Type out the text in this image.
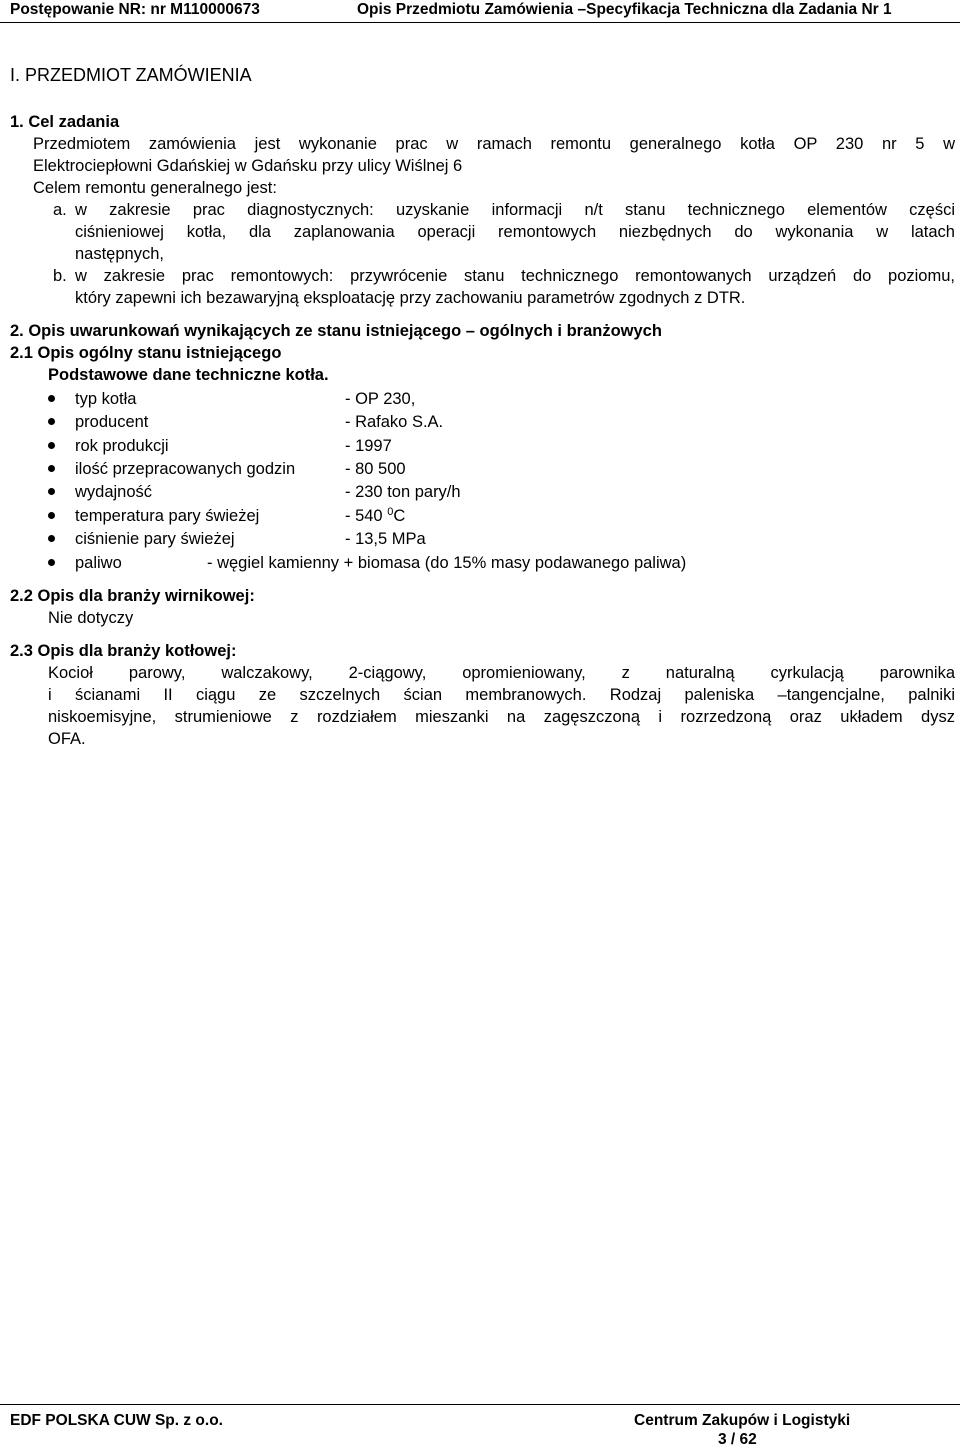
Postępowanie NR: nr M110000673	Opis Przedmiotu Zamówienia –Specyfikacja Techniczna dla Zadania Nr 1
I. PRZEDMIOT ZAMÓWIENIA
1. Cel zadania
Przedmiotem zamówienia jest wykonanie prac w ramach remontu generalnego kotła OP 230 nr 5 w
Elektrociepłowni Gdańskiej w Gdańsku przy ulicy Wiślnej 6
Celem remontu generalnego jest:
a. w zakresie prac diagnostycznych: uzyskanie informacji n/t stanu technicznego elementów części
ciśnieniowej kotła, dla zaplanowania operacji remontowych niezbędnych do wykonania w latach
następnych,
b. w zakresie prac remontowych: przywrócenie stanu technicznego remontowanych urządzeń do poziomu,
który zapewni ich bezawaryjną eksploatację przy zachowaniu parametrów zgodnych z DTR.
2. Opis uwarunkowań wynikających ze stanu istniejącego – ogólnych i branżowych
2.1 Opis ogólny stanu istniejącego
Podstawowe dane techniczne kotła.
typ kotła	- OP 230,
producent	- Rafako S.A.
rok produkcji	- 1997
ilość przepracowanych godzin	- 80 500
wydajność	- 230 ton pary/h
temperatura pary świeżej	- 540 $^0$C
ciśnienie pary świeżej	- 13,5 MPa
paliwo	- węgiel kamienny + biomasa (do 15% masy podawanego paliwa)
2.2 Opis dla branży wirnikowej:
Nie dotyczy
2.3 Opis dla branży kotłowej:
Kocioł parowy, walczakowy, 2-ciągowy, opromieniowany, z naturalną cyrkulacją parownika
i ścianami II ciągu ze szczelnych ścian membranowych. Rodzaj paleniska –tangencjalne, palniki
niskoemisyjne, strumieniowe z rozdziałem mieszanki na zagęszczoną i rozrzedzoną oraz układem dysz
OFA.
EDF POLSKA CUW Sp. z o.o.	Centrum Zakupów i Logistyki
3 / 62
